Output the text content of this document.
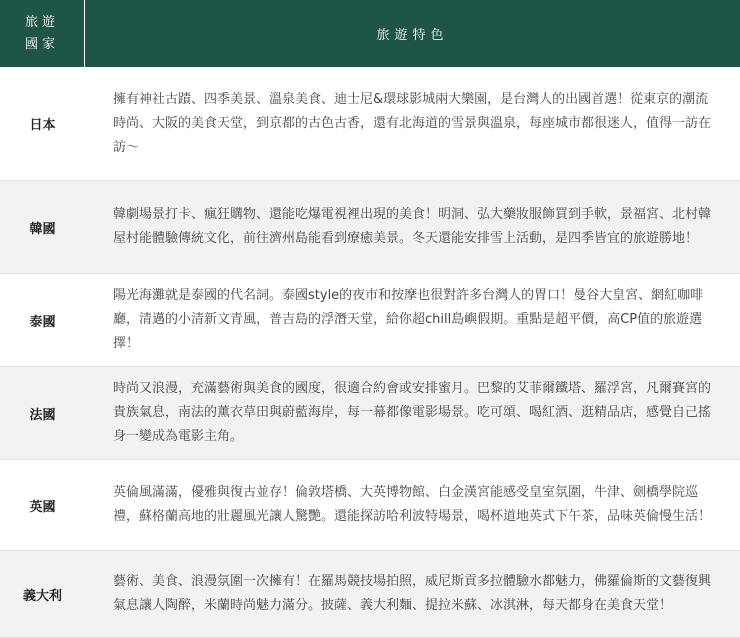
旅遊
國家
旅遊特色
日本
擁有神社古蹟、四季美景、溫泉美食、迪士尼&環球影城兩大樂園，是台灣人的出國首選！從東京的潮流時尚、大阪的美食天堂，到京都的古色古香，還有北海道的雪景與溫泉，每座城市都很迷人，值得一訪在訪～
韓國
韓劇場景打卡、瘋狂購物、還能吃爆電視裡出現的美食！明洞、弘大藥妝服飾買到手軟，景福宮、北村韓屋村能體驗傳統文化，前往濟州島能看到療癒美景。冬天還能安排雪上活動，是四季皆宜的旅遊勝地！
泰國
陽光海灘就是泰國的代名詞。泰國style的夜市和按摩也很對許多台灣人的胃口！曼谷大皇宮、網紅咖啡廳，清邁的小清新文青風，普吉島的浮潛天堂，給你超chill島嶼假期。重點是超平價，高CP值的旅遊選擇！
法國
時尚又浪漫，充滿藝術與美食的國度，很適合約會或安排蜜月。巴黎的艾菲爾鐵塔、羅浮宮，凡爾賽宮的貴族氣息，南法的薰衣草田與蔚藍海岸，每一幕都像電影場景。吃可頌、喝紅酒、逛精品店，感覺自己搖身一變成為電影主角。
英國
英倫風滿滿，優雅與復古並存！倫敦塔橋、大英博物館、白金漢宮能感受皇室氛圍，牛津、劍橋學院巡禮，蘇格蘭高地的壯麗風光讓人驚艷。還能探訪哈利波特場景，喝杯道地英式下午茶，品味英倫慢生活！
義大利
藝術、美食、浪漫氛圍一次擁有！在羅馬競技場拍照，威尼斯貢多拉體驗水都魅力，佛羅倫斯的文藝復興氣息讓人陶醉，米蘭時尚魅力滿分。披薩、義大利麵、提拉米蘇、冰淇淋，每天都身在美食天堂！
